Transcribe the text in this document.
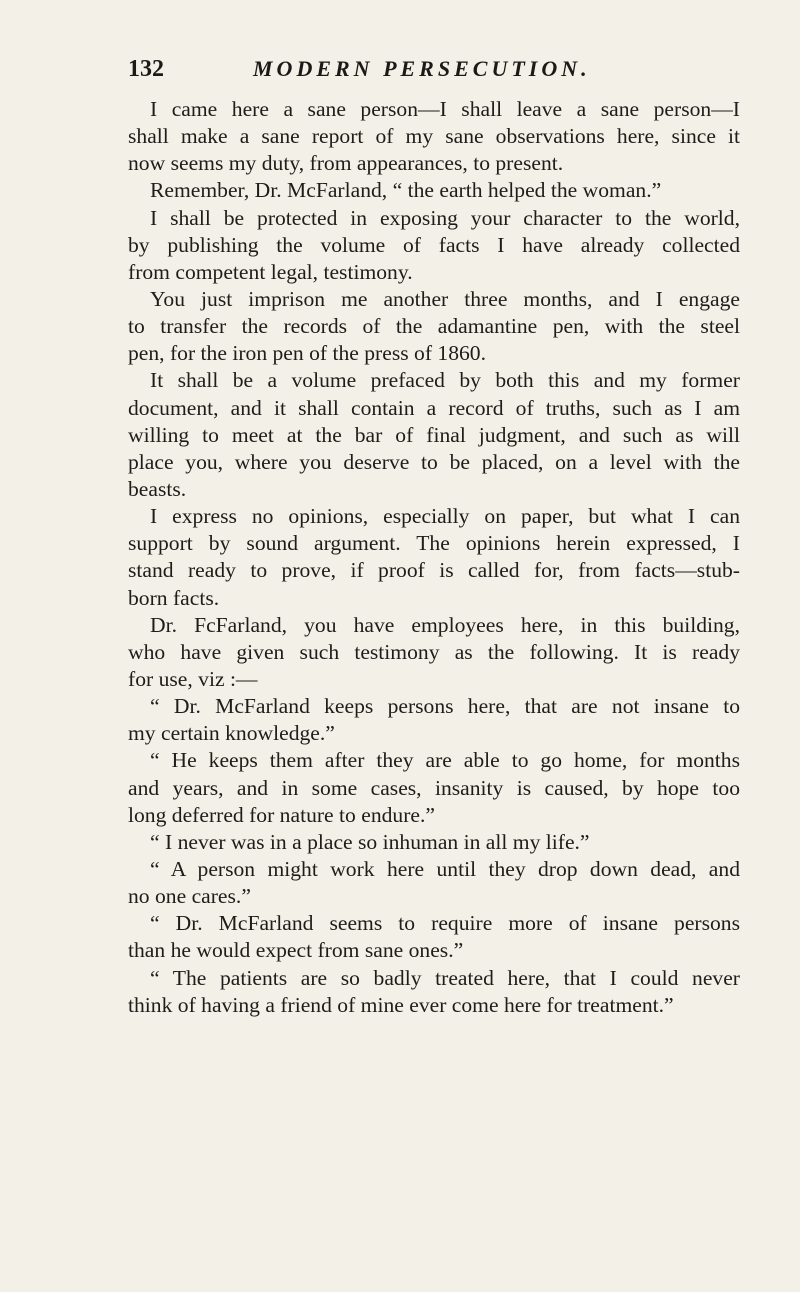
132	MODERN PERSECUTION.
I came here a sane person—I shall leave a sane person—I
shall make a sane report of my sane observations here, since it
now seems my duty, from appearances, to present.
Remember, Dr. McFarland, “ the earth helped the woman.”
I shall be protected in exposing your character to the world,
by publishing the volume of facts I have already collected
from competent legal, testimony.
You just imprison me another three months, and I engage
to transfer the records of the adamantine pen, with the steel
pen, for the iron pen of the press of 1860.
It shall be a volume prefaced by both this and my former
document, and it shall contain a record of truths, such as I am
willing to meet at the bar of final judgment, and such as will
place you, where you deserve to be placed, on a level with the
beasts.
I express no opinions, especially on paper, but what I can
support by sound argument. The opinions herein expressed, I
stand ready to prove, if proof is called for, from facts—stub-
born facts.
Dr. FcFarland, you have employees here, in this building,
who have given such testimony as the following. It is ready
for use, viz :—
“ Dr. McFarland keeps persons here, that are not insane to
my certain knowledge.”
“ He keeps them after they are able to go home, for months
and years, and in some cases, insanity is caused, by hope too
long deferred for nature to endure.”
“ I never was in a place so inhuman in all my life.”
“ A person might work here until they drop down dead, and
no one cares.”
“ Dr. McFarland seems to require more of insane persons
than he would expect from sane ones.”
“ The patients are so badly treated here, that I could never
think of having a friend of mine ever come here for treatment.”
